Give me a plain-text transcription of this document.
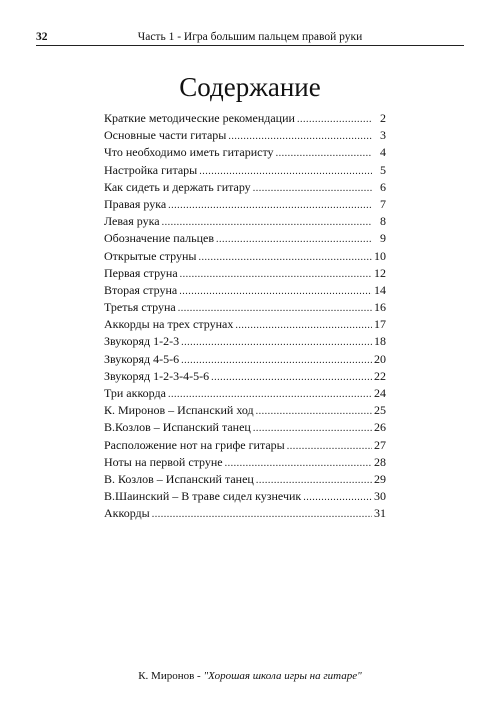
32	Часть 1 - Игра большим пальцем правой руки
Содержание
Краткие методические рекомендации .....	2
Основные части гитары .....	3
Что необходимо иметь гитаристу .....	4
Настройка гитары .....	5
Как сидеть и держать гитару .....	6
Правая рука .....	7
Левая рука .....	8
Обозначение пальцев .....	9
Открытые струны .....	10
Первая струна .....	12
Вторая струна .....	14
Третья струна .....	16
Аккорды на трех струнах .....	17
Звукоряд 1-2-3 .....	18
Звукоряд 4-5-6 .....	20
Звукоряд 1-2-3-4-5-6 .....	22
Три аккорда .....	24
К. Миронов – Испанский ход .....	25
В.Козлов – Испанский танец .....	26
Расположение нот на грифе гитары .....	27
Ноты на первой струне .....	28
В. Козлов – Испанский танец .....	29
В.Шаинский – В траве сидел кузнечик .....	30
Аккорды .....	31
К. Миронов - "Хорошая школа игры на гитаре"
